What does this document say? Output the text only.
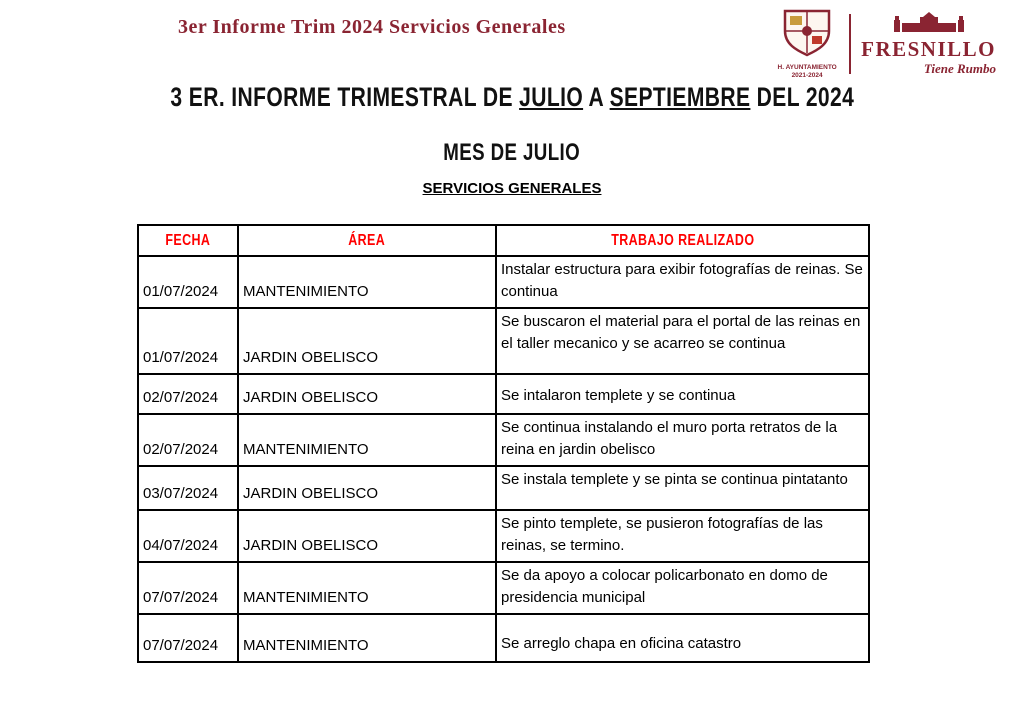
3er Informe Trim 2024 Servicios Generales
H. AYUNTAMIENTO
2021-2024
FRESNILLO
Tiene Rumbo
3 ER. INFORME TRIMESTRAL DE JULIO A SEPTIEMBRE DEL 2024
MES DE JULIO
SERVICIOS GENERALES
FECHA	ÁREA	TRABAJO REALIZADO
01/07/2024	MANTENIMIENTO	Instalar estructura para exibir fotografías de reinas. Se continua
01/07/2024	JARDIN OBELISCO	Se buscaron el material para el portal de las reinas en el taller mecanico y se acarreo se continua
02/07/2024	JARDIN OBELISCO	Se intalaron templete y se continua
02/07/2024	MANTENIMIENTO	Se continua instalando el muro porta retratos de la reina en jardin obelisco
03/07/2024	JARDIN OBELISCO	Se instala templete y se pinta se continua pintatanto
04/07/2024	JARDIN OBELISCO	Se pinto templete, se pusieron fotografías de las reinas, se termino.
07/07/2024	MANTENIMIENTO	Se da apoyo a colocar policarbonato en domo de presidencia municipal
07/07/2024	MANTENIMIENTO	Se arreglo chapa en oficina catastro
